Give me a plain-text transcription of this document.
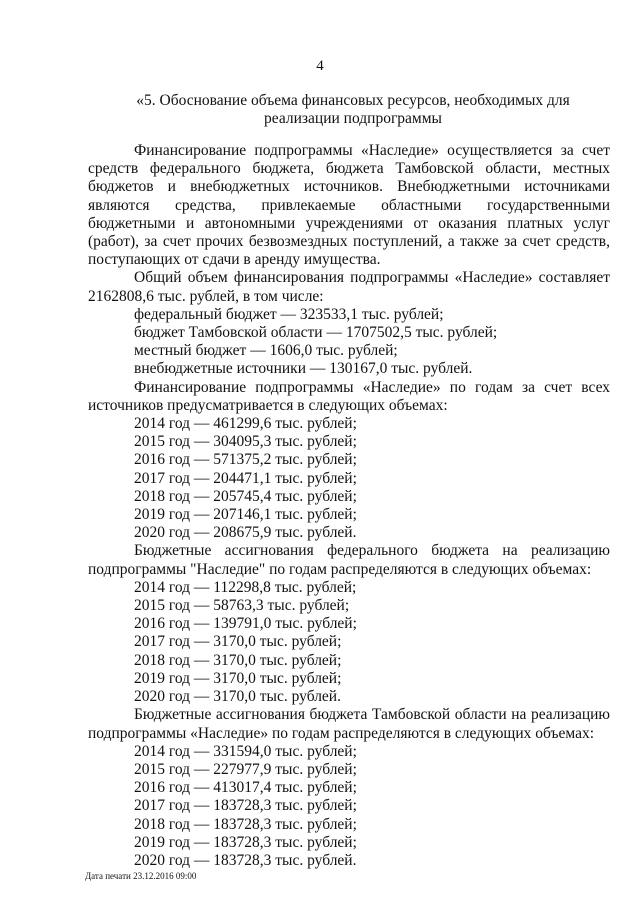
4
«5. Обоснование объема финансовых ресурсов, необходимых для
реализации подпрограммы

Финансирование подпрограммы «Наследие» осуществляется за счет

средств федерального бюджета, бюджета Тамбовской области, местных

бюджетов и внебюджетных источников. Внебюджетными источниками

являются средства, привлекаемые областными государственными

бюджетными и автономными учреждениями от оказания платных услуг

(работ), за счет прочих безвозмездных поступлений, а также за счет средств,

поступающих от сдачи в аренду имущества.

Общий объем финансирования подпрограммы «Наследие» составляет

2162808,6 тыс. рублей, в том числе:

федеральный бюджет — 323533,1 тыс. рублей;

бюджет Тамбовской области — 1707502,5 тыс. рублей;

местный бюджет — 1606,0 тыс. рублей;

внебюджетные источники — 130167,0 тыс. рублей.

Финансирование подпрограммы «Наследие» по годам за счет всех

источников предусматривается в следующих объемах:

2014 год — 461299,6 тыс. рублей;

2015 год — 304095,3 тыс. рублей;

2016 год — 571375,2 тыс. рублей;

2017 год — 204471,1 тыс. рублей;

2018 год — 205745,4 тыс. рублей;

2019 год — 207146,1 тыс. рублей;

2020 год — 208675,9 тыс. рублей.

Бюджетные ассигнования федерального бюджета на реализацию

подпрограммы "Наследие" по годам распределяются в следующих объемах:

2014 год — 112298,8 тыс. рублей;

2015 год — 58763,3 тыс. рублей;

2016 год — 139791,0 тыс. рублей;

2017 год — 3170,0 тыс. рублей;

2018 год — 3170,0 тыс. рублей;

2019 год — 3170,0 тыс. рублей;

2020 год — 3170,0 тыс. рублей.

Бюджетные ассигнования бюджета Тамбовской области на реализацию

подпрограммы «Наследие» по годам распределяются в следующих объемах:

2014 год — 331594,0 тыс. рублей;

2015 год — 227977,9 тыс. рублей;

2016 год — 413017,4 тыс. рублей;

2017 год — 183728,3 тыс. рублей;

2018 год — 183728,3 тыс. рублей;

2019 год — 183728,3 тыс. рублей;

2020 год — 183728,3 тыс. рублей.

Дата печати 23.12.2016 09:00
